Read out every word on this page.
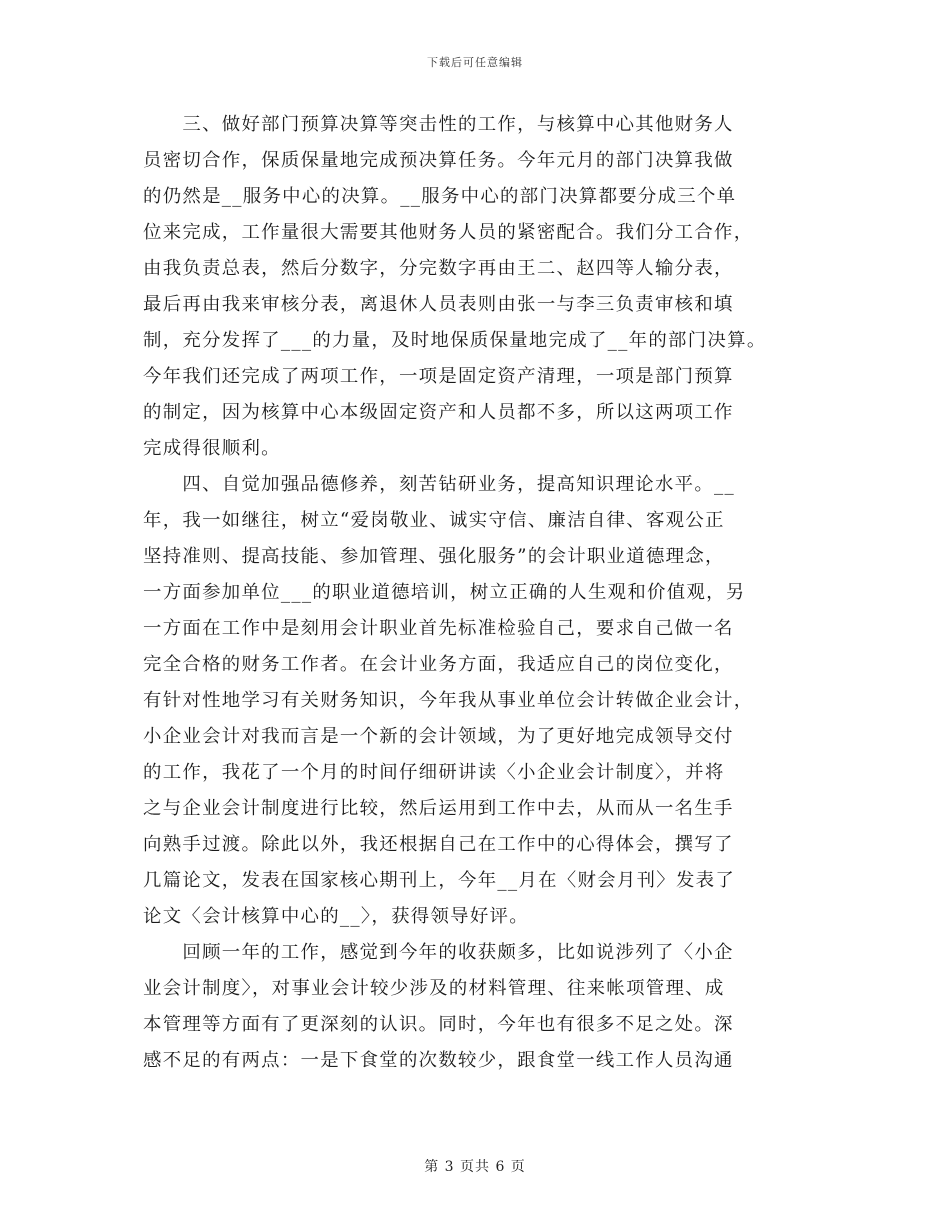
下载后可任意编辑
　　三、做好部门预算决算等突击性的工作，与核算中心其他财务人
员密切合作，保质保量地完成预决算任务。今年元月的部门决算我做
的仍然是__服务中心的决算。__服务中心的部门决算都要分成三个单
位来完成，工作量很大需要其他财务人员的紧密配合。我们分工合作，
由我负责总表，然后分数字，分完数字再由王二、赵四等人输分表，
最后再由我来审核分表，离退休人员表则由张一与李三负责审核和填
制，充分发挥了___的力量，及时地保质保量地完成了__年的部门决算。
今年我们还完成了两项工作，一项是固定资产清理，一项是部门预算
的制定，因为核算中心本级固定资产和人员都不多，所以这两项工作
完成得很顺利。
　　四、自觉加强品德修养，刻苦钻研业务，提高知识理论水平。__
年，我一如继往，树立“爱岗敬业、诚实守信、廉洁自律、客观公正
坚持准则、提高技能、参加管理、强化服务”的会计职业道德理念，
一方面参加单位___的职业道德培训，树立正确的人生观和价值观，另
一方面在工作中是刻用会计职业首先标准检验自己，要求自己做一名
完全合格的财务工作者。在会计业务方面，我适应自己的岗位变化，
有针对性地学习有关财务知识，今年我从事业单位会计转做企业会计，
小企业会计对我而言是一个新的会计领域，为了更好地完成领导交付
的工作，我花了一个月的时间仔细研讲读〈小企业会计制度〉，并将
之与企业会计制度进行比较，然后运用到工作中去，从而从一名生手
向熟手过渡。除此以外，我还根据自己在工作中的心得体会，撰写了
几篇论文，发表在国家核心期刊上，今年__月在〈财会月刊〉发表了
论文〈会计核算中心的__〉，获得领导好评。
　　回顾一年的工作，感觉到今年的收获颇多，比如说涉列了〈小企
业会计制度〉，对事业会计较少涉及的材料管理、往来帐项管理、成
本管理等方面有了更深刻的认识。同时，今年也有很多不足之处。深
感不足的有两点：一是下食堂的次数较少，跟食堂一线工作人员沟通
第 3 页共 6 页
